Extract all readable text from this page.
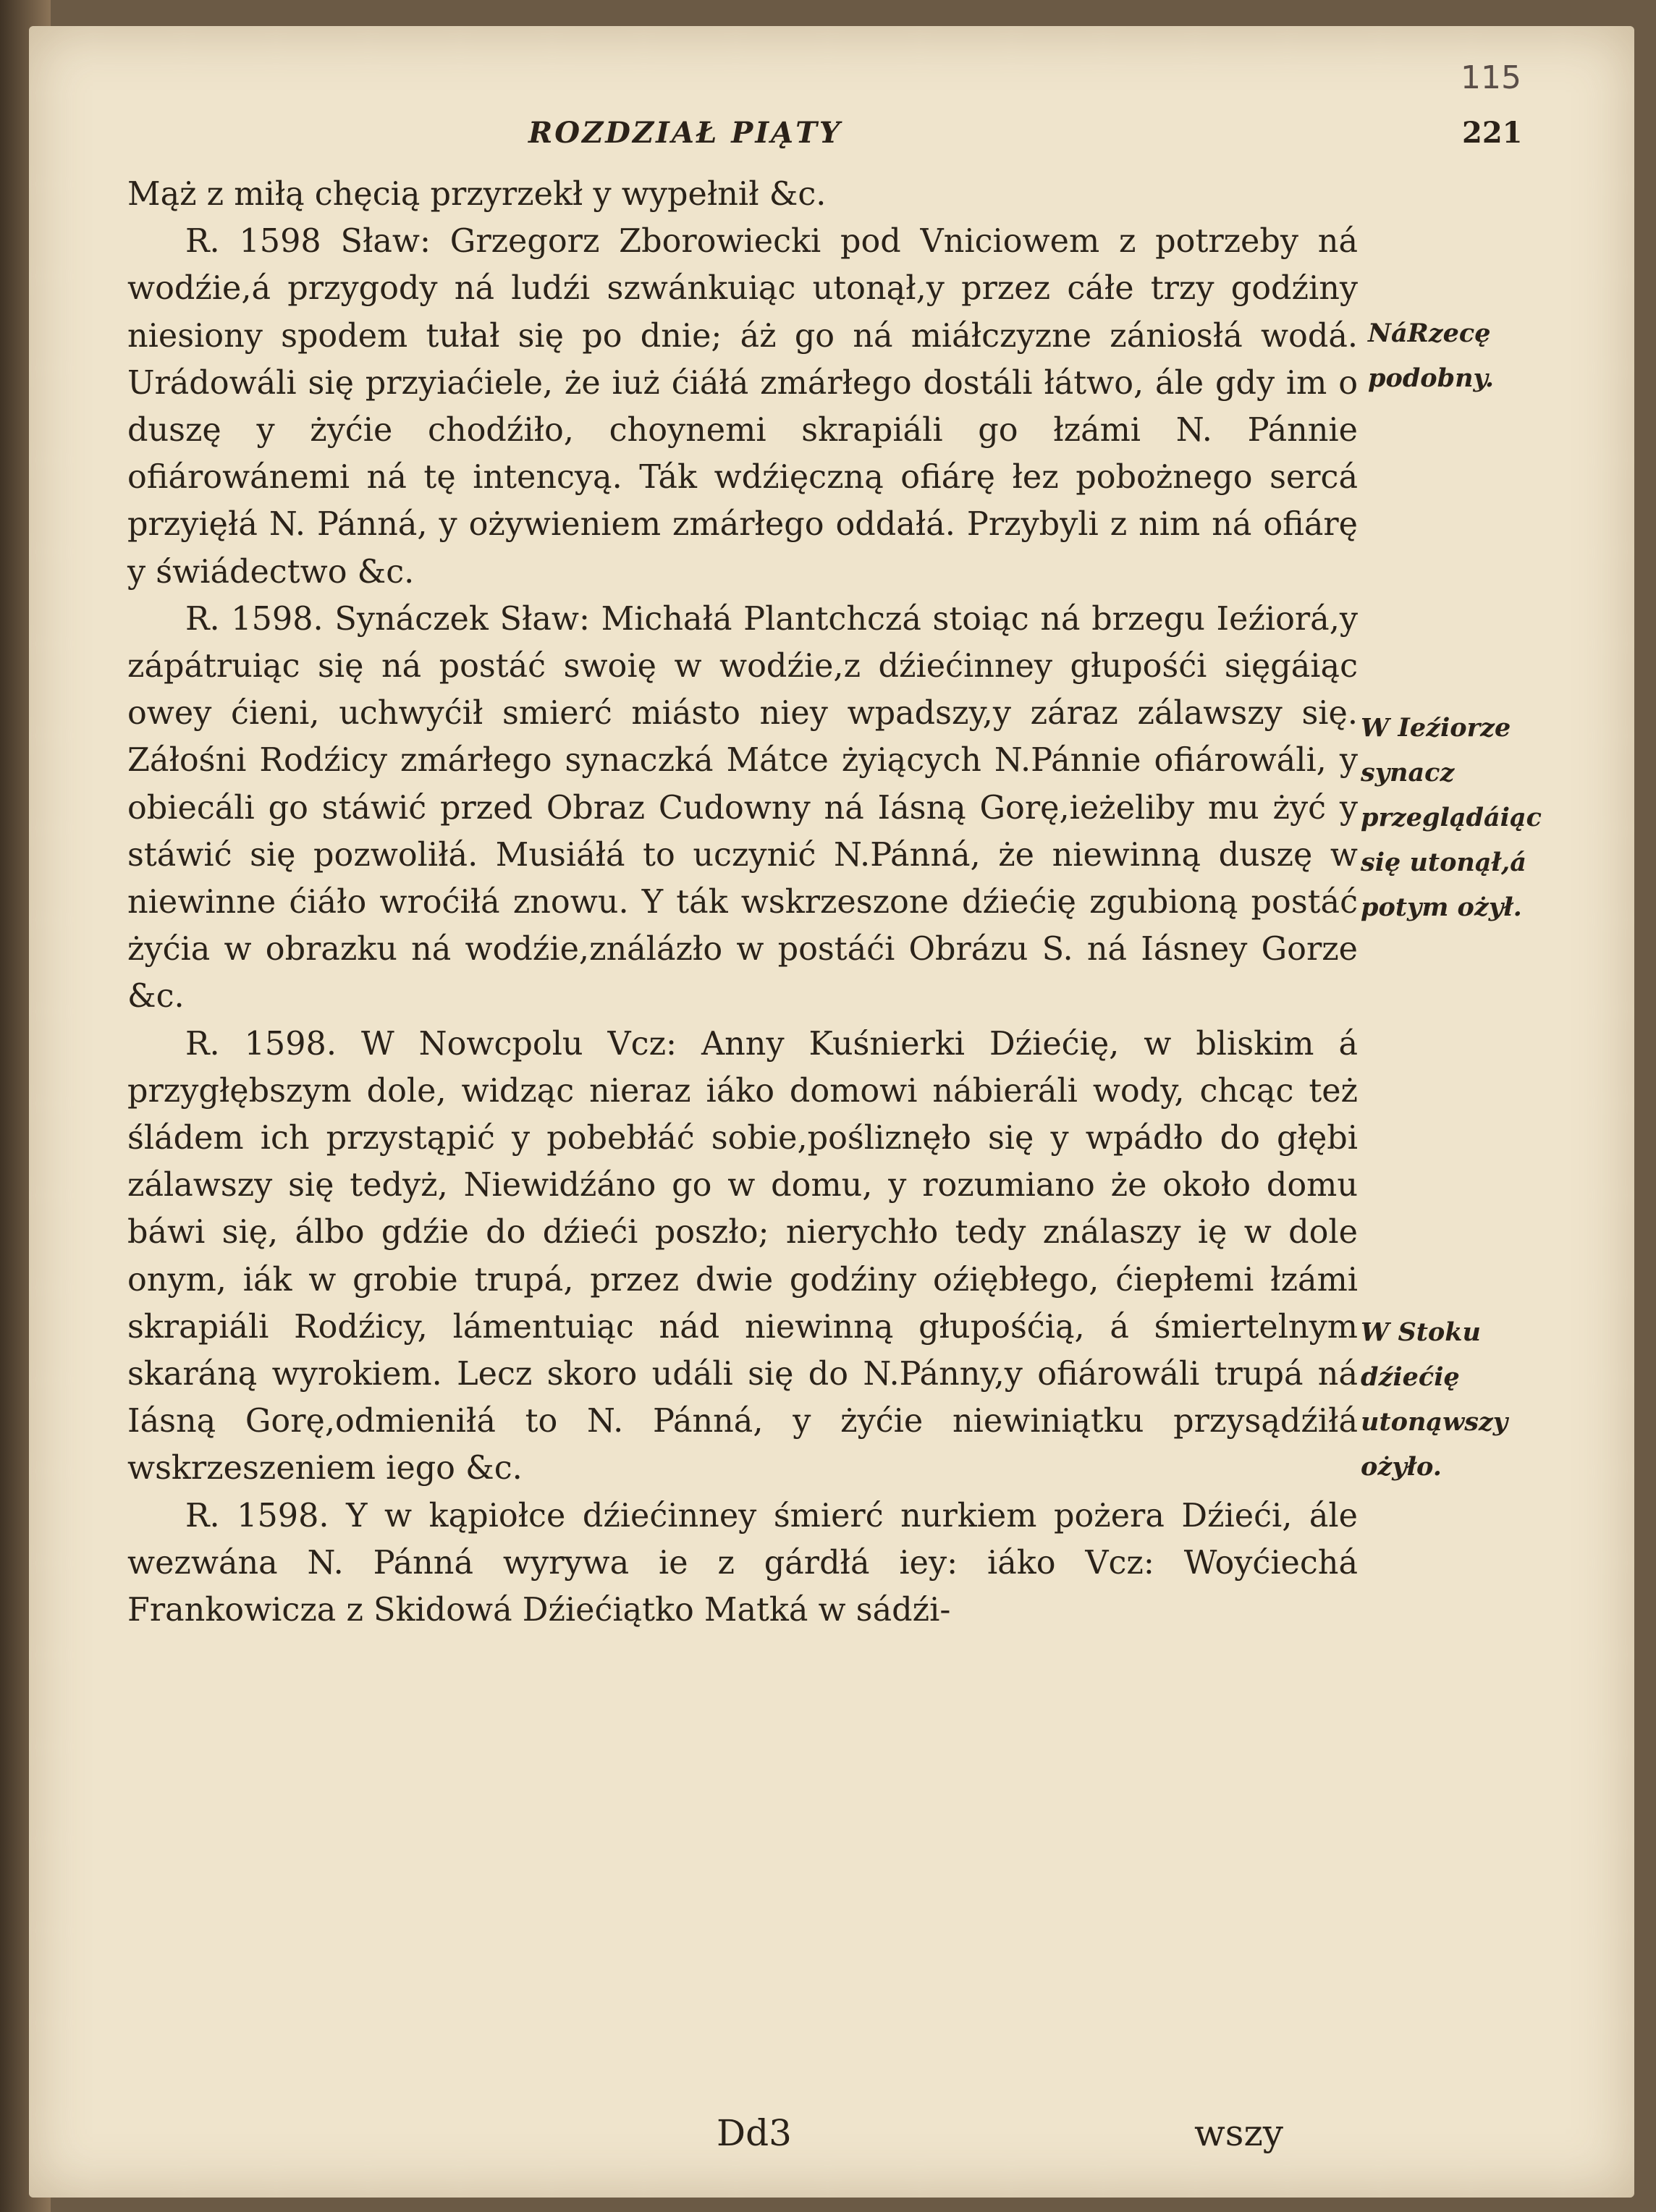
115
ROZDZIAŁ PIĄTY	221

Mąż z miłą chęcią przyrzekł y wypełnił &c.

R. 1598 Sław: Grzegorz Zborowiecki pod Vniciowem z potrzeby ná wodźie,á przygody ná ludźi szwánkuiąc utonął,y przez cáłe trzy godźiny niesiony spodem tułał się po dnie; áż go ná miáłczyzne zániosłá wodá. Urádowáli się przyiaćiele, że iuż ćiáłá zmárłego dostáli łátwo, ále gdy im o duszę y żyćie chodźiło, choynemi skrapiáli go łzámi N. Pánnie ofiárowánemi ná tę intencyą. Ták wdźięczną ofiárę łez pobożnego sercá przyięłá N. Pánná, y ożywieniem zmárłego oddałá. Przybyli z nim ná ofiárę y świádectwo &c.

R. 1598. Synáczek Sław: Michałá Plantchczá stoiąc ná brzegu Ieźiorá,y zápátruiąc się ná postáć swoię w wodźie,z dźiećinney głupośći sięgáiąc owey ćieni, uchwyćił smierć miásto niey wpadszy,y záraz zálawszy się. Záłośni Rodźicy zmárłego synaczká Mátce żyiących N.Pánnie ofiárowáli, y obiecáli go stáwić przed Obraz Cudowny ná Iásną Gorę,ieżeliby mu żyć y stáwić się pozwoliłá. Musiáłá to uczynić N.Pánná, że niewinną duszę w niewinne ćiáło wroćiłá znowu. Y ták wskrzeszone dźiećię zgubioną postáć żyćia w obrazku ná wodźie,ználázło w postáći Obrázu S. ná Iásney Gorze &c.

R. 1598. W Nowcpolu Vcz: Anny Kuśnierki Dźiećię, w bliskim á przygłębszym dole, widząc nieraz iáko domowi nábieráli wody, chcąc też śládem ich przystąpić y pobebłáć sobie,pośliznęło się y wpádło do głębi zálawszy się tedyż, Niewidźáno go w domu, y rozumiano że około domu báwi się, álbo gdźie do dźieći poszło; nierychło tedy ználaszy ię w dole onym, iák w grobie trupá, przez dwie godźiny oźiębłego, ćiepłemi łzámi skrapiáli Rodźicy, lámentuiąc nád niewinną głupośćią, á śmiertelnym skaráną wyrokiem. Lecz skoro událi się do N.Pánny,y ofiárowáli trupá ná Iásną Gorę,odmieniłá to N. Pánná, y żyćie niewiniątku przysądźiłá wskrzeszeniem iego &c.

R. 1598. Y w kąpiołce dźiećinney śmierć nurkiem pożera Dźieći, ále wezwána N. Pánná wyrywa ie z gárdłá iey: iáko Vcz: Woyćiechá Frankowicza z Skidowá Dźiećiątko Matká w sádźi-

NáRzecę podobny.
W Ieźiorze synacz przeglądáiąc się utonął,á potym ożył.
W Stoku dźiećię utonąwszy ożyło.
Dd3	wszy
